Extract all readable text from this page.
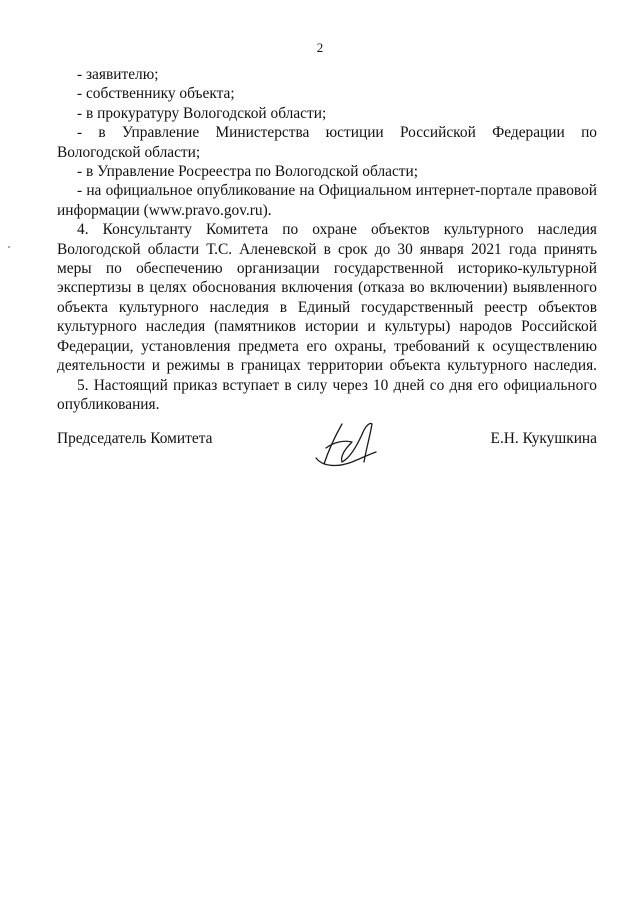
2
- заявителю;
- собственнику объекта;
- в прокуратуру Вологодской области;
- в Управление Министерства юстиции Российской Федерации по
Вологодской области;
- в Управление Росреестра по Вологодской области;
- на официальное опубликование на Официальном интернет-портале правовой
информации (www.pravo.gov.ru).
4. Консультанту Комитета по охране объектов культурного наследия
Вологодской области Т.С. Аленевской в срок до 30 января 2021 года принять
меры по обеспечению организации государственной историко-культурной
экспертизы в целях обоснования включения (отказа во включении) выявленного
объекта культурного наследия в Единый государственный реестр объектов
культурного наследия (памятников истории и культуры) народов Российской
Федерации, установления предмета его охраны, требований к осуществлению
деятельности и режимы в границах территории объекта культурного наследия.
5. Настоящий приказ вступает в силу через 10 дней со дня его официального
опубликования.
Председатель Комитета	Е.Н. Кукушкина
